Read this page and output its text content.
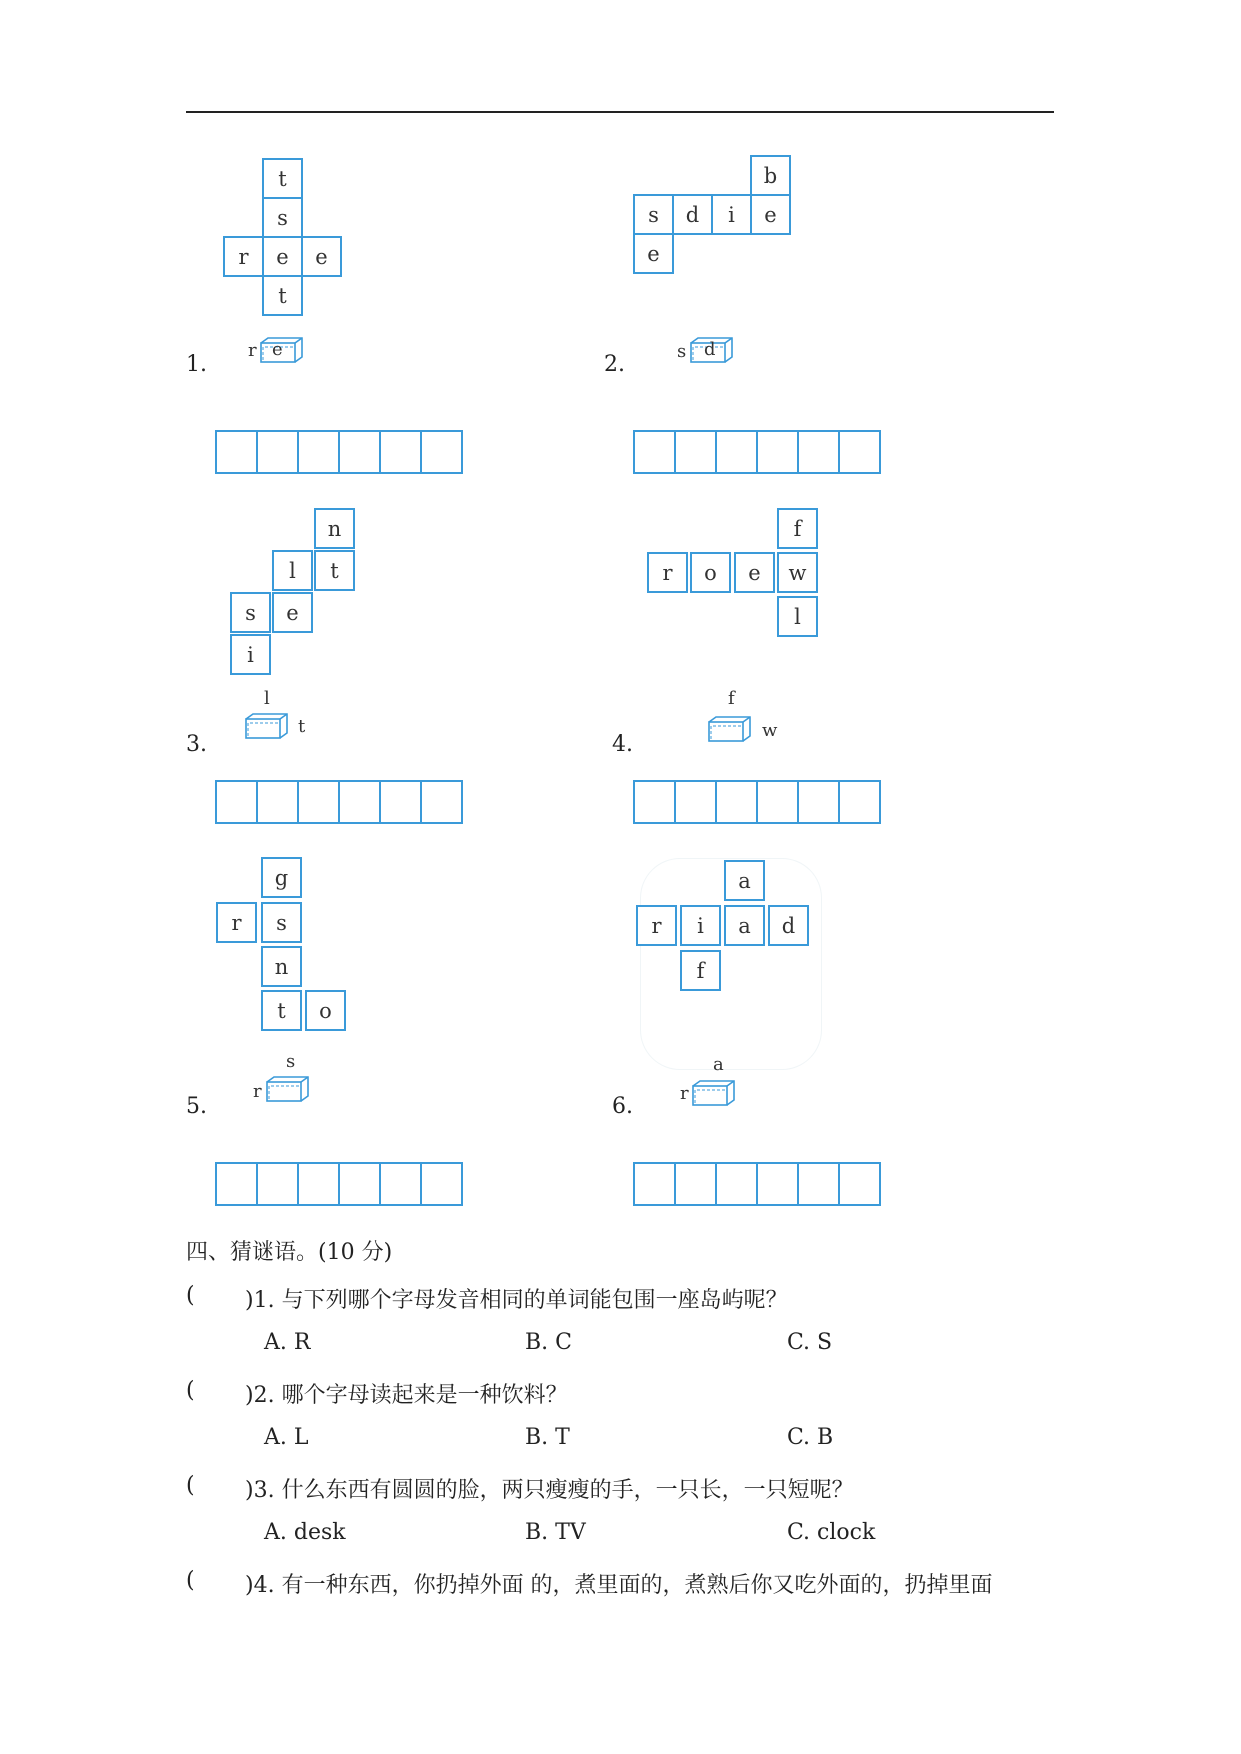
t
s
r	e	e
t
1.
r e
b
s	d	i	e
e
2.
s d
n
l	t
s	e
i
3.
l
t
f
r	o	e	w
l
4.
f
w
g
r	s
n
t	o
5.
s
r
a
r	i	a	d
f
6.
a
r
四、猜谜语。(10 分)
( )1. 与下列哪个字母发音相同的单词能包围一座岛屿呢？
A. R	B. C	C. S
( )2. 哪个字母读起来是一种饮料？
A. L	B. T	C. B
( )3. 什么东西有圆圆的脸，两只瘦瘦的手，一只长，一只短呢？
A. desk	B. TV	C. clock
( )4. 有一种东西，你扔掉外面 的，煮里面的，煮熟后你又吃外面的，扔掉里面
